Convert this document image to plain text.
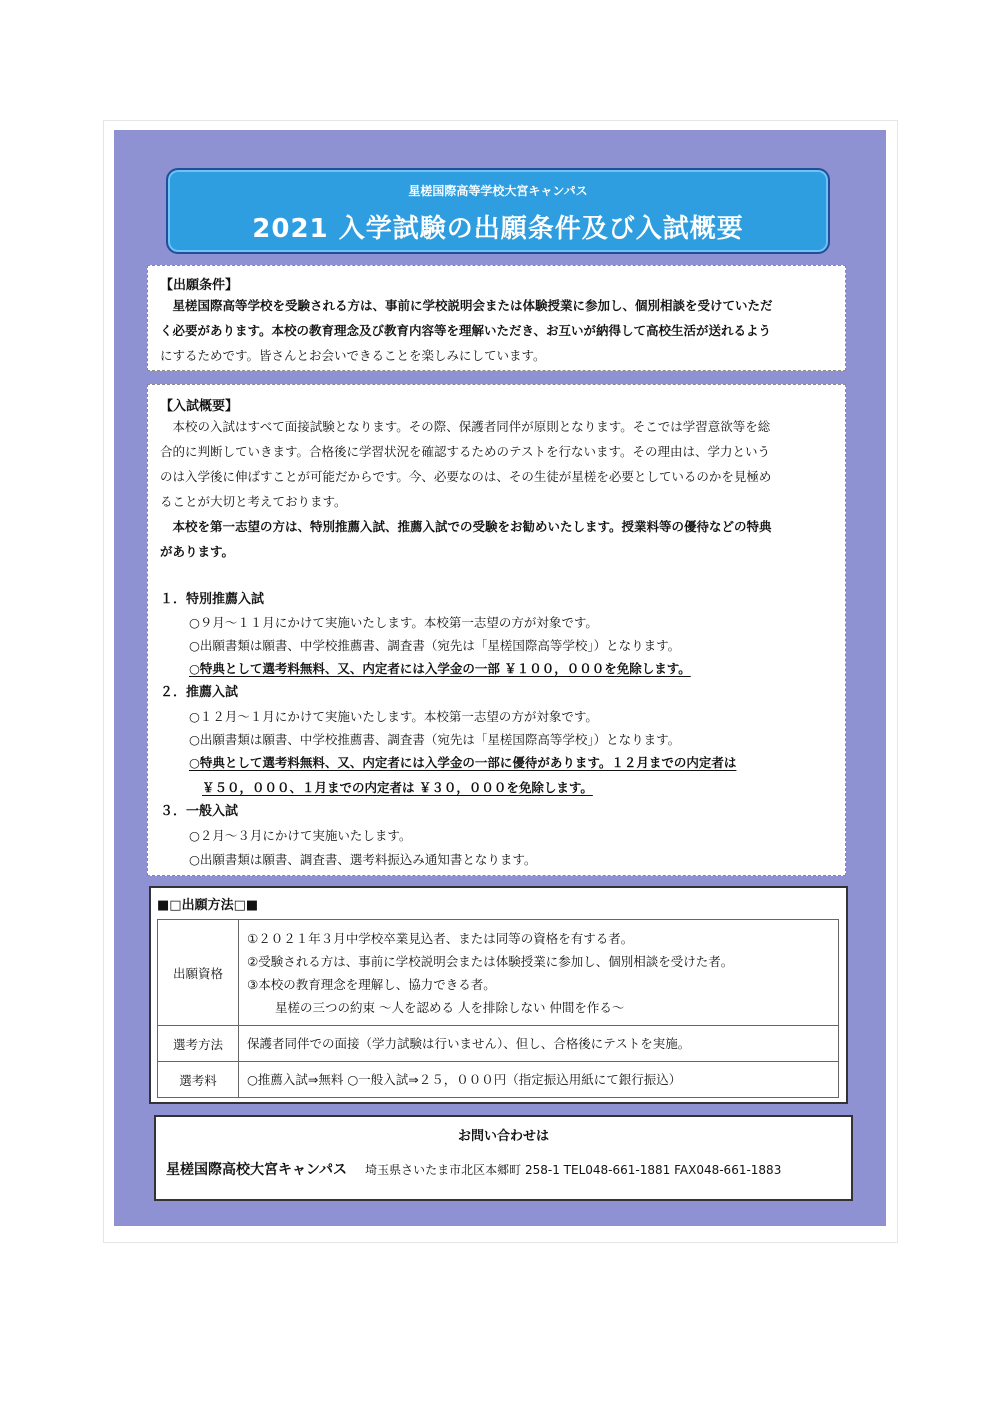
星槎国際高等学校大宮キャンパス
2021 入学試験の出願条件及び入試概要
【出願条件】

星槎国際高等学校を受験される方は、事前に学校説明会または体験授業に参加し、個別相談を受けていただ

く必要があります。本校の教育理念及び教育内容等を理解いただき、お互いが納得して高校生活が送れるよう

にするためです。皆さんとお会いできることを楽しみにしています。

【入試概要】

本校の入試はすべて面接試験となります。その際、保護者同伴が原則となります。そこでは学習意欲等を総

合的に判断していきます。合格後に学習状況を確認するためのテストを行ないます。その理由は、学力という

のは入学後に伸ばすことが可能だからです。今、必要なのは、その生徒が星槎を必要としているのかを見極め

ることが大切と考えております。

本校を第一志望の方は、特別推薦入試、推薦入試での受験をお勧めいたします。授業料等の優待などの特典

があります。

１．特別推薦入試

○９月～１１月にかけて実施いたします。本校第一志望の方が対象です。

○出願書類は願書、中学校推薦書、調査書（宛先は「星槎国際高等学校」）となります。

○特典として選考料無料、又、内定者には入学金の一部 ￥１００，０００を免除します。

２．推薦入試

○１２月～１月にかけて実施いたします。本校第一志望の方が対象です。

○出願書類は願書、中学校推薦書、調査書（宛先は「星槎国際高等学校」）となります。

○特典として選考料無料、又、内定者には入学金の一部に優待があります。１２月までの内定者は

￥５０，０００、１月までの内定者は ￥３０，０００を免除します。

３．一般入試

○２月～３月にかけて実施いたします。

○出願書類は願書、調査書、選考料振込み通知書となります。

■□出願方法□■
出願資格	①２０２１年３月中学校卒業見込者、または同等の資格を有する者。
②受験される方は、事前に学校説明会または体験授業に参加し、個別相談を受けた者。
③本校の教育理念を理解し、協力できる者。
星槎の三つの約束 ～人を認める 人を排除しない 仲間を作る～

選考方法	保護者同伴での面接（学力試験は行いません）、但し、合格後にテストを実施。
選考料	○推薦入試⇒無料 ○一般入試⇒２５，０００円（指定振込用紙にて銀行振込）
お問い合わせは
星槎国際高校大宮キャンパス 埼玉県さいたま市北区本郷町 258-1 TEL048-661-1881 FAX048-661-1883
